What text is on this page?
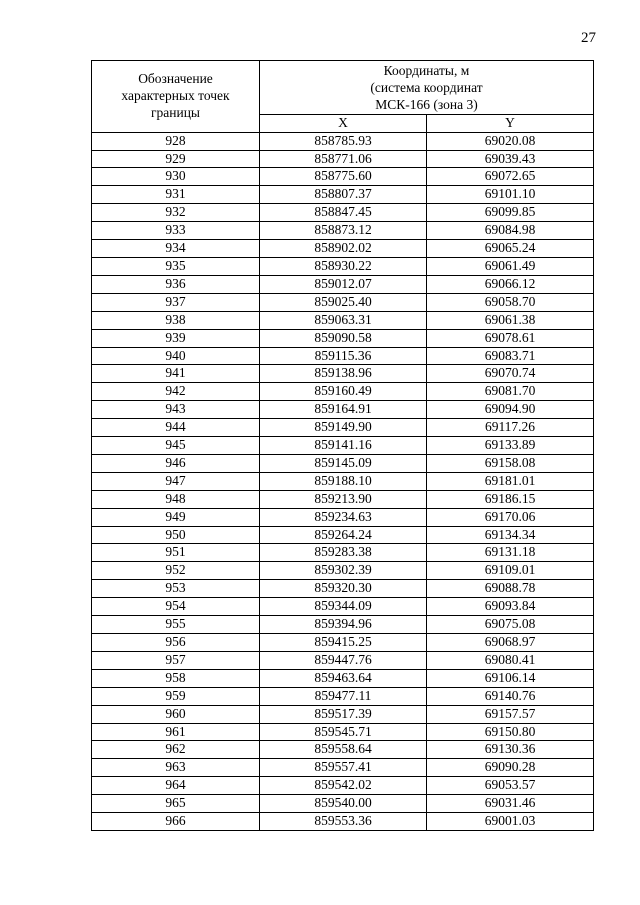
27
Обозначение характерных точек границы	Координаты, м
(система координат
МСК-166 (зона 3)	

	X	Y
928	858785.93	69020.08
929	858771.06	69039.43
930	858775.60	69072.65
931	858807.37	69101.10
932	858847.45	69099.85
933	858873.12	69084.98
934	858902.02	69065.24
935	858930.22	69061.49
936	859012.07	69066.12
937	859025.40	69058.70
938	859063.31	69061.38
939	859090.58	69078.61
940	859115.36	69083.71
941	859138.96	69070.74
942	859160.49	69081.70
943	859164.91	69094.90
944	859149.90	69117.26
945	859141.16	69133.89
946	859145.09	69158.08
947	859188.10	69181.01
948	859213.90	69186.15
949	859234.63	69170.06
950	859264.24	69134.34
951	859283.38	69131.18
952	859302.39	69109.01
953	859320.30	69088.78
954	859344.09	69093.84
955	859394.96	69075.08
956	859415.25	69068.97
957	859447.76	69080.41
958	859463.64	69106.14
959	859477.11	69140.76
960	859517.39	69157.57
961	859545.71	69150.80
962	859558.64	69130.36
963	859557.41	69090.28
964	859542.02	69053.57
965	859540.00	69031.46
966	859553.36	69001.03
